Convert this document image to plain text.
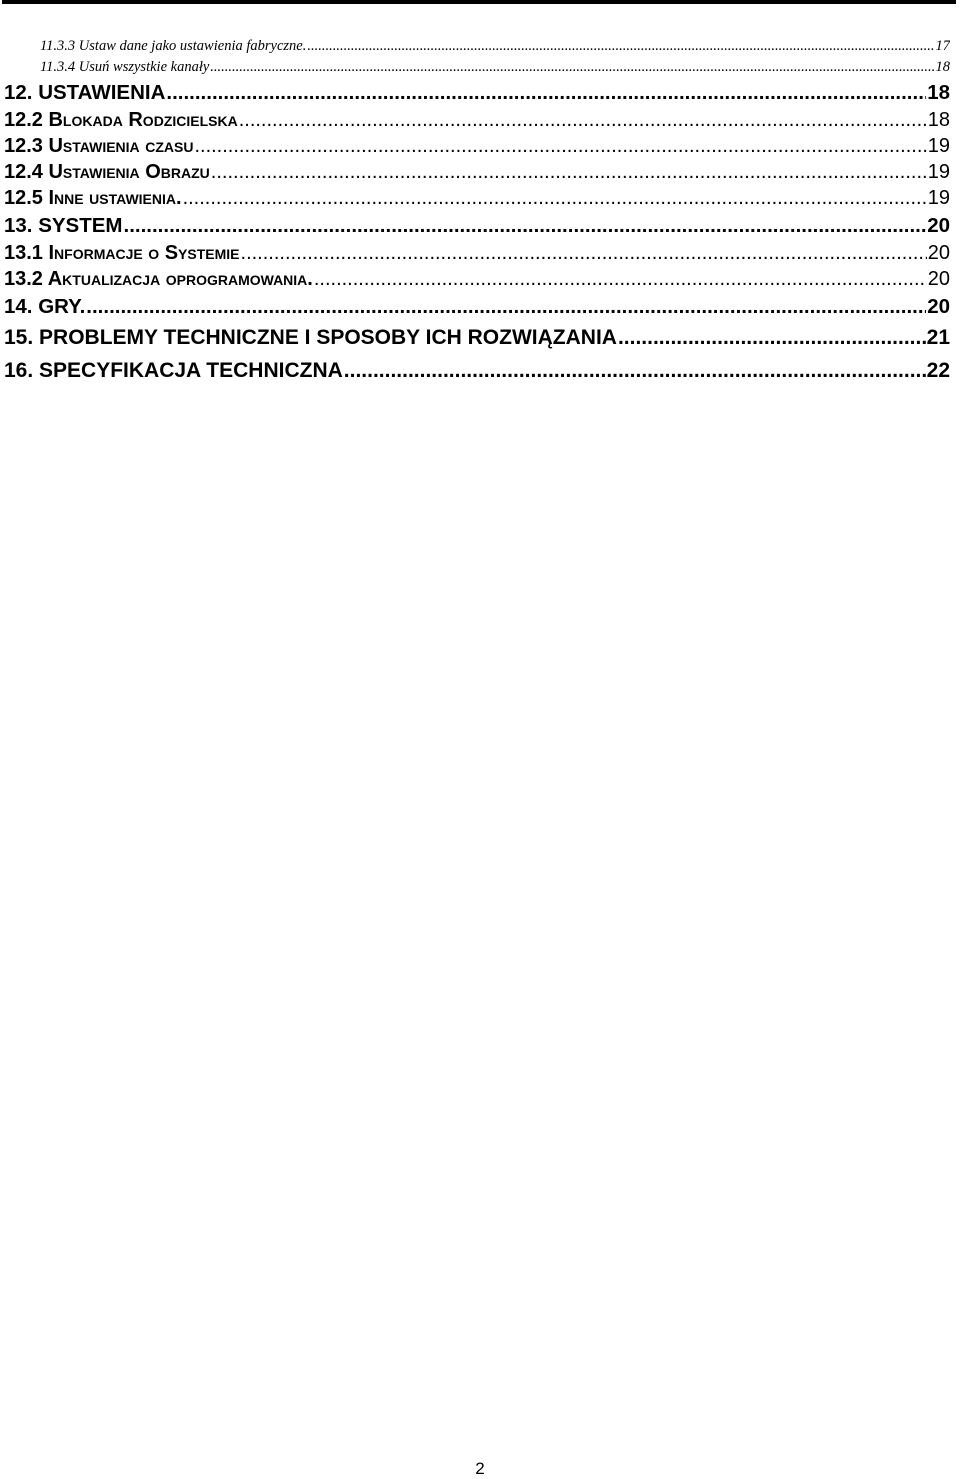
11.3.3 Ustaw dane jako ustawienia fabryczne. .....	17
11.3.4 Usuń wszystkie kanały .....	18
12. USTAWIENIA .....	18
12.2 Blokada Rodzicielska .....	18
12.3 Ustawienia czasu .....	19
12.4 Ustawienia Obrazu .....	19
12.5 Inne ustawienia. .....	19
13. SYSTEM .....	20
13.1 Informacje o Systemie .....	20
13.2 Aktualizacja oprogramowania. .....	20
14. GRY. .....	20
15. PROBLEMY TECHNICZNE I SPOSOBY ICH ROZWIĄZANIA .....	21
16. SPECYFIKACJA TECHNICZNA .....	22
2
